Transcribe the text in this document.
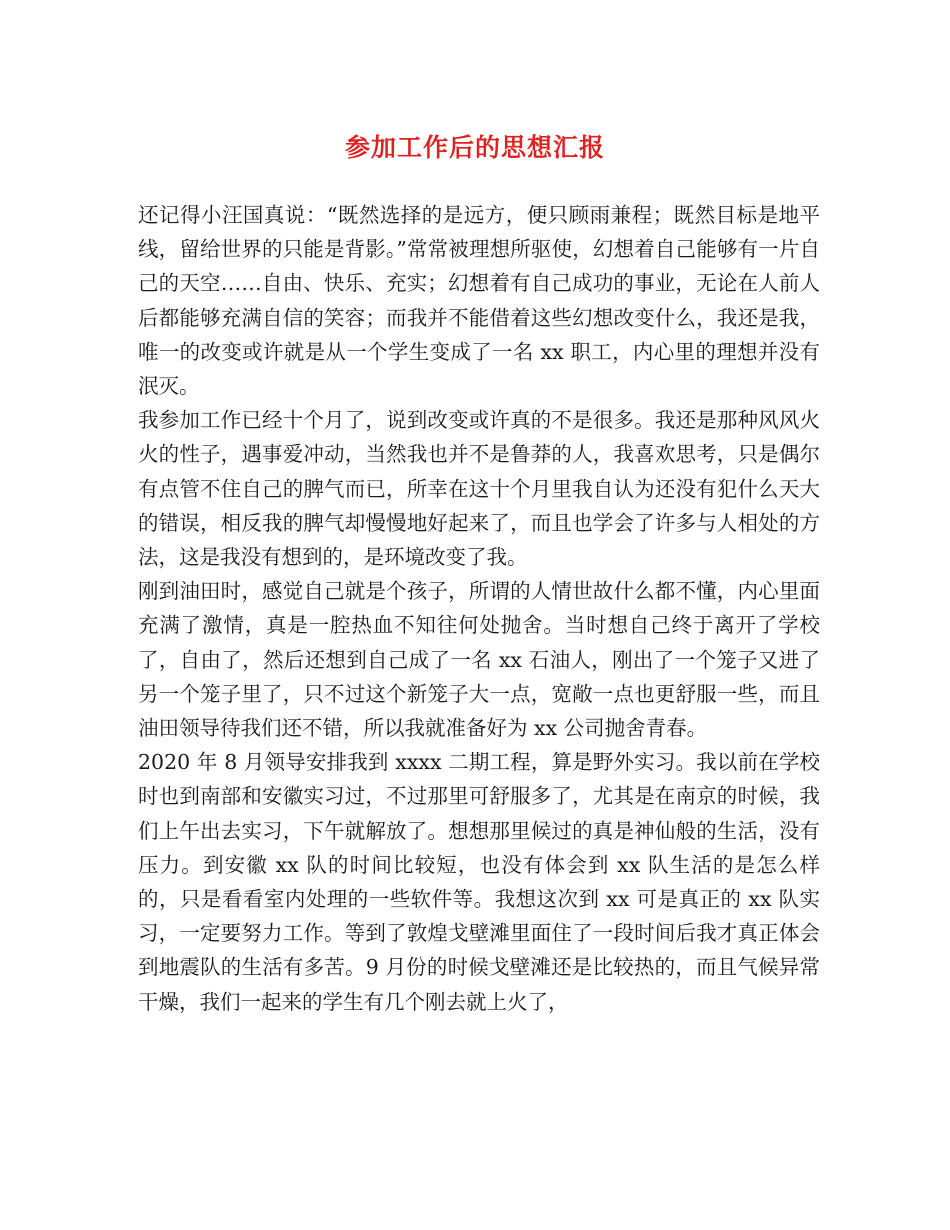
参加工作后的思想汇报

还记得小汪国真说：“既然选择的是远方，便只顾雨兼程；既然目标是地平线，留给世界的只能是背影。”常常被理想所驱使，幻想着自己能够有一片自己的天空……自由、快乐、充实；幻想着有自己成功的事业，无论在人前人后都能够充满自信的笑容；而我并不能借着这些幻想改变什么，我还是我，唯一的改变或许就是从一个学生变成了一名 xx 职工，内心里的理想并没有泯灭。

我参加工作已经十个月了，说到改变或许真的不是很多。我还是那种风风火火的性子，遇事爱冲动，当然我也并不是鲁莽的人，我喜欢思考，只是偶尔有点管不住自己的脾气而已，所幸在这十个月里我自认为还没有犯什么天大的错误，相反我的脾气却慢慢地好起来了，而且也学会了许多与人相处的方法，这是我没有想到的，是环境改变了我。

刚到油田时，感觉自己就是个孩子，所谓的人情世故什么都不懂，内心里面充满了激情，真是一腔热血不知往何处抛舍。当时想自己终于离开了学校了，自由了，然后还想到自己成了一名 xx 石油人，刚出了一个笼子又进了另一个笼子里了，只不过这个新笼子大一点，宽敞一点也更舒服一些，而且油田领导待我们还不错，所以我就准备好为 xx 公司抛舍青春。

2020 年 8 月领导安排我到 xxxx 二期工程，算是野外实习。我以前在学校时也到南部和安徽实习过，不过那里可舒服多了，尤其是在南京的时候，我们上午出去实习，下午就解放了。想想那里候过的真是神仙般的生活，没有压力。到安徽 xx 队的时间比较短，也没有体会到 xx 队生活的是怎么样的，只是看看室内处理的一些软件等。我想这次到 xx 可是真正的 xx 队实习，一定要努力工作。等到了敦煌戈壁滩里面住了一段时间后我才真正体会到地震队的生活有多苦。9 月份的时候戈壁滩还是比较热的，而且气候异常干燥，我们一起来的学生有几个刚去就上火了，
